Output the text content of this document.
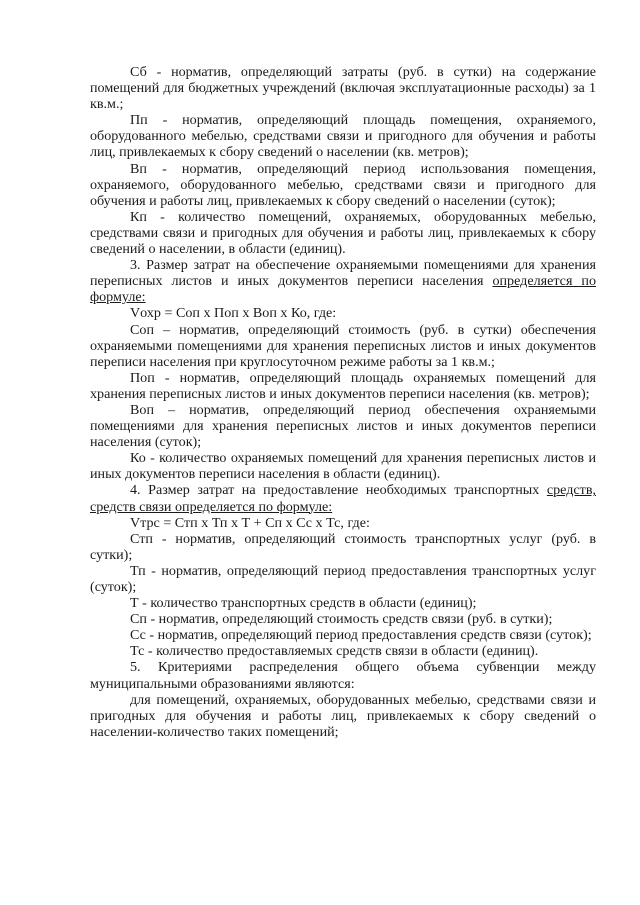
Сб - норматив, определяющий затраты (руб. в сутки) на содержание помещений для бюджетных учреждений (включая эксплуатационные расходы) за 1 кв.м.;

Пп - норматив, определяющий площадь помещения, охраняемого, оборудованного мебелью, средствами связи и пригодного для обучения и работы лиц, привлекаемых к сбору сведений о населении (кв. метров);

Вп - норматив, определяющий период использования помещения, охраняемого, оборудованного мебелью, средствами связи и пригодного для обучения и работы лиц, привлекаемых к сбору сведений о населении (суток);

Кп - количество помещений, охраняемых, оборудованных мебелью, средствами связи и пригодных для обучения и работы лиц, привлекаемых к сбору сведений о населении, в области (единиц).

3. Размер затрат на обеспечение охраняемыми помещениями для хранения переписных листов и иных документов переписи населения определяется по формуле:

Vохр = Соп x Поп x Воп x Ко, где:

Соп – норматив, определяющий стоимость (руб. в сутки) обеспечения охраняемыми помещениями для хранения переписных листов и иных документов переписи населения при круглосуточном режиме работы за 1 кв.м.;

Поп - норматив, определяющий площадь охраняемых помещений для хранения переписных листов и иных документов переписи населения (кв. метров);

Воп – норматив, определяющий период обеспечения охраняемыми помещениями для хранения переписных листов и иных документов переписи населения (суток);

Ко - количество охраняемых помещений для хранения переписных листов и иных документов переписи населения в области (единиц).

4. Размер затрат на предоставление необходимых транспортных средств, средств связи определяется по формуле:

Vтрс = Стп x Тп x Т + Сп x Сс x Тс, где:

Стп - норматив, определяющий стоимость транспортных услуг (руб. в сутки);

Тп - норматив, определяющий период предоставления транспортных услуг (суток);

Т - количество транспортных средств в области (единиц);

Сп - норматив, определяющий стоимость средств связи (руб. в сутки);

Сс - норматив, определяющий период предоставления средств связи (суток);

Тс - количество предоставляемых средств связи в области (единиц).

5. Критериями распределения общего объема субвенции между муниципальными образованиями являются:

для помещений, охраняемых, оборудованных мебелью, средствами связи и пригодных для обучения и работы лиц, привлекаемых к сбору сведений о населении-количество таких помещений;
